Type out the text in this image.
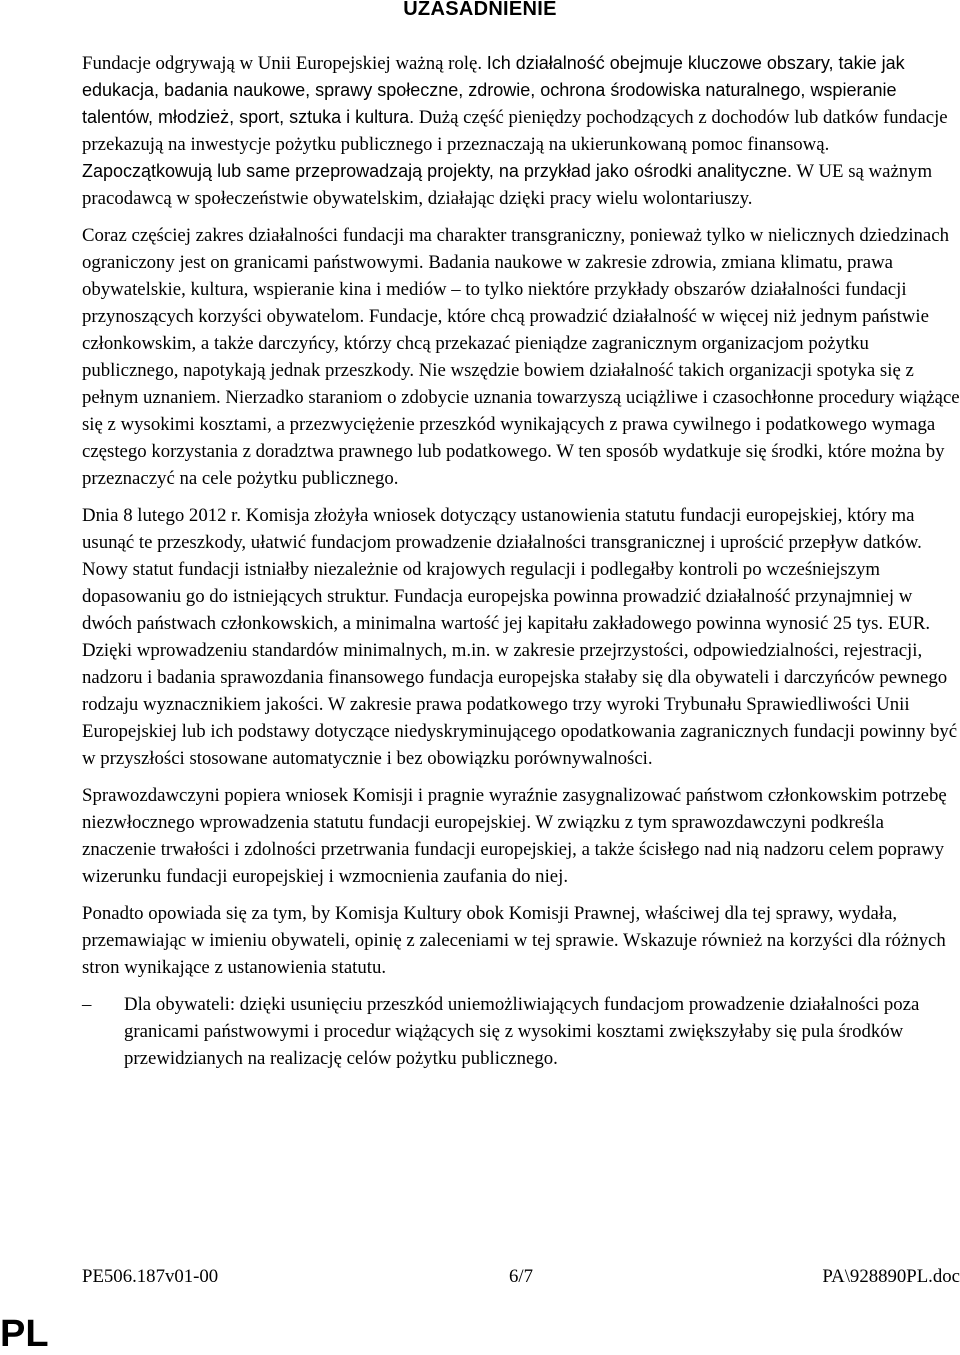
UZASADNIENIE

Fundacje odgrywają w Unii Europejskiej ważną rolę. Ich działalność obejmuje kluczowe obszary, takie jak edukacja, badania naukowe, sprawy społeczne, zdrowie, ochrona środowiska naturalnego, wspieranie talentów, młodzież, sport, sztuka i kultura. Dużą część pieniędzy pochodzących z dochodów lub datków fundacje przekazują na inwestycje pożytku publicznego i przeznaczają na ukierunkowaną pomoc finansową. Zapoczątkowują lub same przeprowadzają projekty, na przykład jako ośrodki analityczne. W UE są ważnym pracodawcą w społeczeństwie obywatelskim, działając dzięki pracy wielu wolontariuszy.

Coraz częściej zakres działalności fundacji ma charakter transgraniczny, ponieważ tylko w nielicznych dziedzinach ograniczony jest on granicami państwowymi. Badania naukowe w zakresie zdrowia, zmiana klimatu, prawa obywatelskie, kultura, wspieranie kina i mediów – to tylko niektóre przykłady obszarów działalności fundacji przynoszących korzyści obywatelom. Fundacje, które chcą prowadzić działalność w więcej niż jednym państwie członkowskim, a także darczyńcy, którzy chcą przekazać pieniądze zagranicznym organizacjom pożytku publicznego, napotykają jednak przeszkody. Nie wszędzie bowiem działalność takich organizacji spotyka się z pełnym uznaniem. Nierzadko staraniom o zdobycie uznania towarzyszą uciążliwe i czasochłonne procedury wiążące się z wysokimi kosztami, a przezwyciężenie przeszkód wynikających z prawa cywilnego i podatkowego wymaga częstego korzystania z doradztwa prawnego lub podatkowego. W ten sposób wydatkuje się środki, które można by przeznaczyć na cele pożytku publicznego.

Dnia 8 lutego 2012 r. Komisja złożyła wniosek dotyczący ustanowienia statutu fundacji europejskiej, który ma usunąć te przeszkody, ułatwić fundacjom prowadzenie działalności transgranicznej i uprościć przepływ datków. Nowy statut fundacji istniałby niezależnie od krajowych regulacji i podlegałby kontroli po wcześniejszym dopasowaniu go do istniejących struktur. Fundacja europejska powinna prowadzić działalność przynajmniej w dwóch państwach członkowskich, a minimalna wartość jej kapitału zakładowego powinna wynosić 25 tys. EUR. Dzięki wprowadzeniu standardów minimalnych, m.in. w zakresie przejrzystości, odpowiedzialności, rejestracji, nadzoru i badania sprawozdania finansowego fundacja europejska stałaby się dla obywateli i darczyńców pewnego rodzaju wyznacznikiem jakości. W zakresie prawa podatkowego trzy wyroki Trybunału Sprawiedliwości Unii Europejskiej lub ich podstawy dotyczące niedyskryminującego opodatkowania zagranicznych fundacji powinny być w przyszłości stosowane automatycznie i bez obowiązku porównywalności.

Sprawozdawczyni popiera wniosek Komisji i pragnie wyraźnie zasygnalizować państwom członkowskim potrzebę niezwłocznego wprowadzenia statutu fundacji europejskiej. W związku z tym sprawozdawczyni podkreśla znaczenie trwałości i zdolności przetrwania fundacji europejskiej, a także ścisłego nad nią nadzoru celem poprawy wizerunku fundacji europejskiej i wzmocnienia zaufania do niej.

Ponadto opowiada się za tym, by Komisja Kultury obok Komisji Prawnej, właściwej dla tej sprawy, wydała, przemawiając w imieniu obywateli, opinię z zaleceniami w tej sprawie. Wskazuje również na korzyści dla różnych stron wynikające z ustanowienia statutu.

–	Dla obywateli: dzięki usunięciu przeszkód uniemożliwiających fundacjom prowadzenie działalności poza granicami państwowymi i procedur wiążących się z wysokimi kosztami zwiększyłaby się pula środków przewidzianych na realizację celów pożytku publicznego.
PE506.187v01-00	6/7	PA\928890PL.doc
PL
